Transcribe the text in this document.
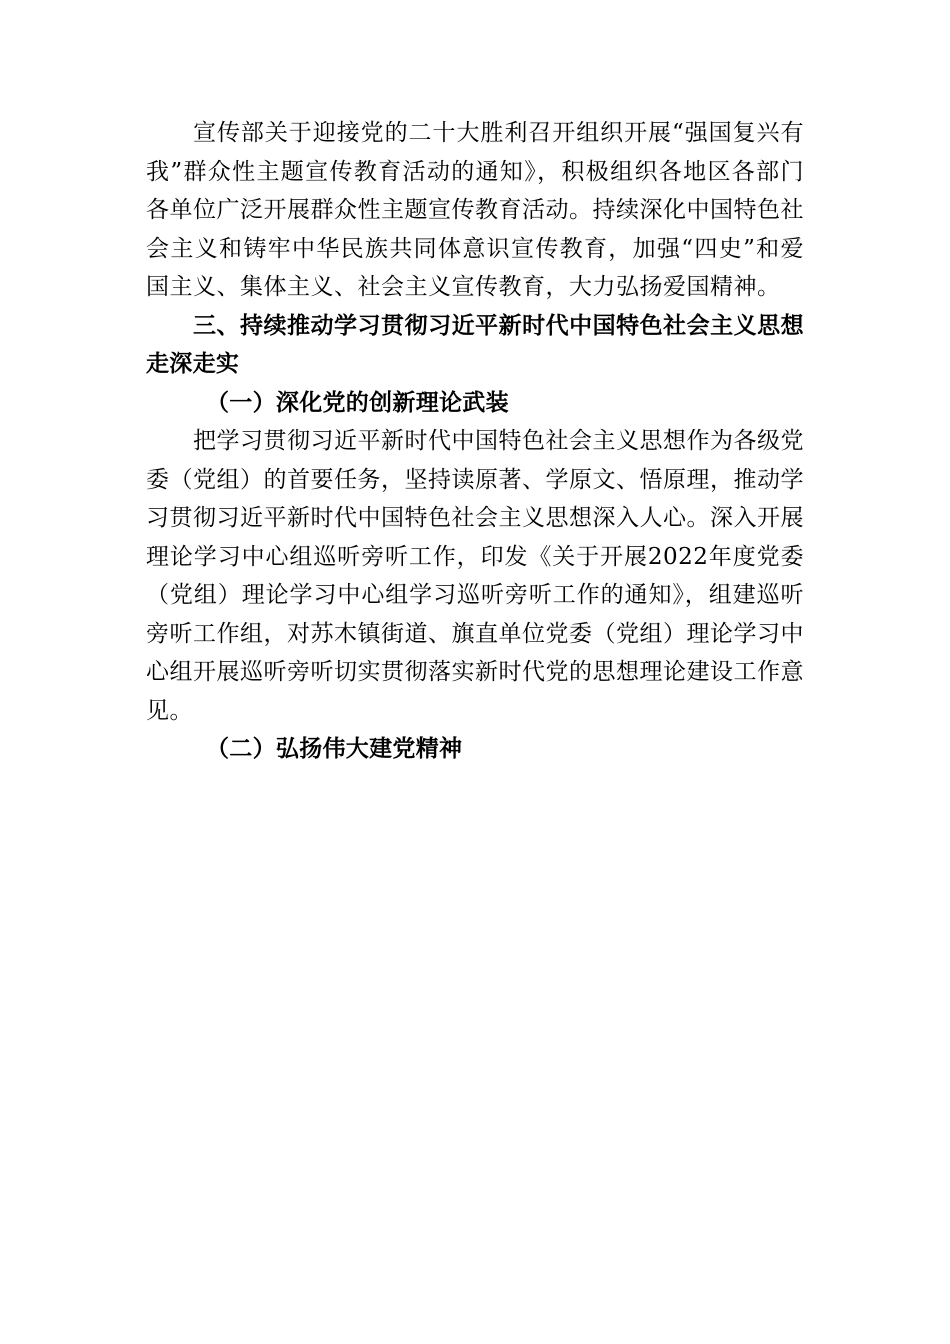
宣传部关于迎接党的二十大胜利召开组织开展“强国复兴有我”群众性主题宣传教育活动的通知》，积极组织各地区各部门各单位广泛开展群众性主题宣传教育活动。持续深化中国特色社会主义和铸牢中华民族共同体意识宣传教育，加强“四史”和爱国主义、集体主义、社会主义宣传教育，大力弘扬爱国精神。

三、持续推动学习贯彻习近平新时代中国特色社会主义思想走深走实

（一）深化党的创新理论武装

把学习贯彻习近平新时代中国特色社会主义思想作为各级党委（党组）的首要任务，坚持读原著、学原文、悟原理，推动学习贯彻习近平新时代中国特色社会主义思想深入人心。深入开展理论学习中心组巡听旁听工作，印发《关于开展2022年度党委（党组）理论学习中心组学习巡听旁听工作的通知》，组建巡听旁听工作组，对苏木镇街道、旗直单位党委（党组）理论学习中心组开展巡听旁听切实贯彻落实新时代党的思想理论建设工作意见。

（二）弘扬伟大建党精神
